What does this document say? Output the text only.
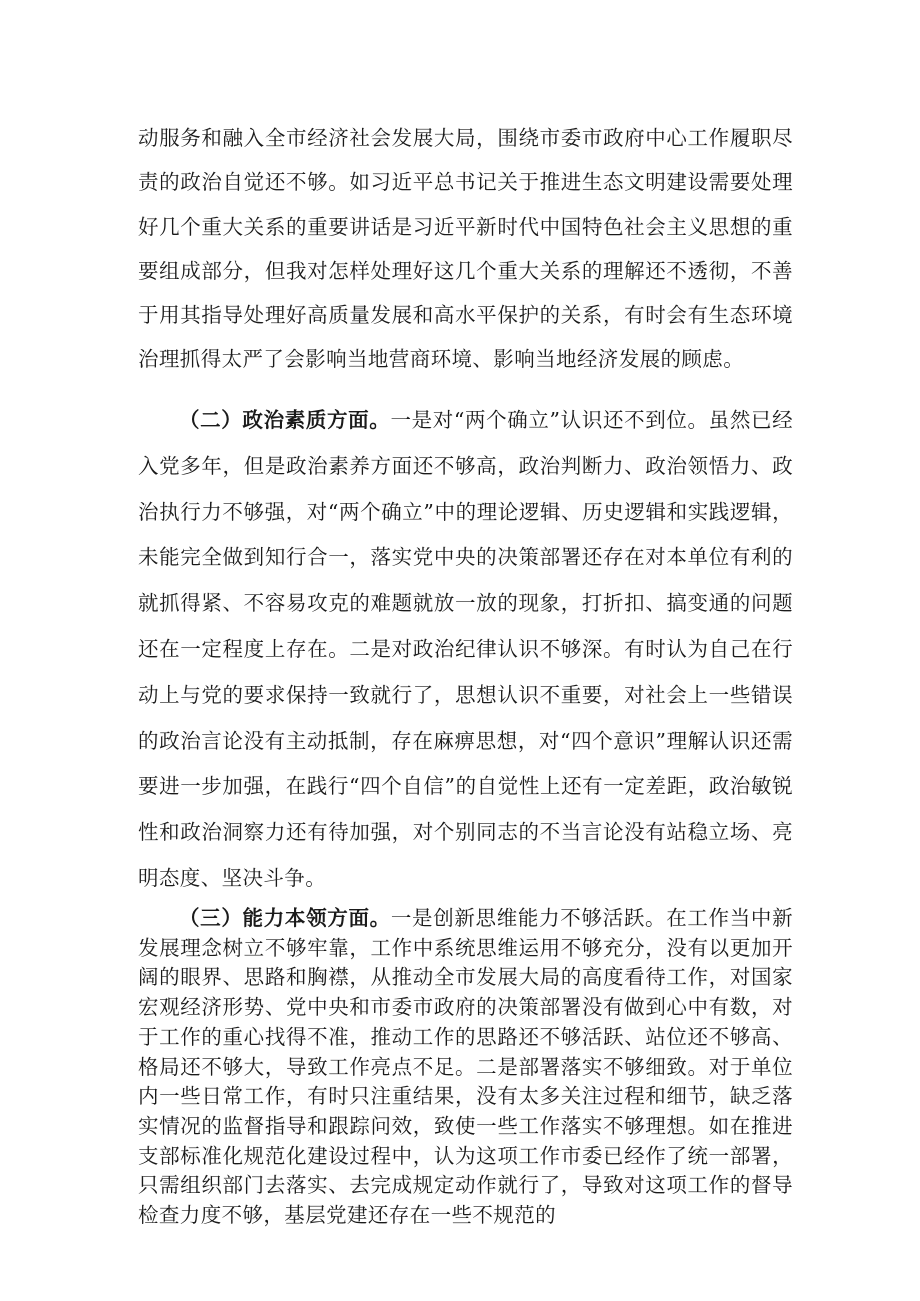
动服务和融入全市经济社会发展大局，围绕市委市政府中心工作履职尽责的政治自觉还不够。如习近平总书记关于推进生态文明建设需要处理好几个重大关系的重要讲话是习近平新时代中国特色社会主义思想的重要组成部分，但我对怎样处理好这几个重大关系的理解还不透彻，不善于用其指导处理好高质量发展和高水平保护的关系，有时会有生态环境治理抓得太严了会影响当地营商环境、影响当地经济发展的顾虑。

（二）政治素质方面。一是对“两个确立”认识还不到位。虽然已经入党多年，但是政治素养方面还不够高，政治判断力、政治领悟力、政治执行力不够强，对“两个确立”中的理论逻辑、历史逻辑和实践逻辑，未能完全做到知行合一，落实党中央的决策部署还存在对本单位有利的就抓得紧、不容易攻克的难题就放一放的现象，打折扣、搞变通的问题还在一定程度上存在。二是对政治纪律认识不够深。有时认为自己在行动上与党的要求保持一致就行了，思想认识不重要，对社会上一些错误的政治言论没有主动抵制，存在麻痹思想，对“四个意识”理解认识还需要进一步加强，在践行“四个自信”的自觉性上还有一定差距，政治敏锐性和政治洞察力还有待加强，对个别同志的不当言论没有站稳立场、亮明态度、坚决斗争。

（三）能力本领方面。一是创新思维能力不够活跃。在工作当中新发展理念树立不够牢靠，工作中系统思维运用不够充分，没有以更加开阔的眼界、思路和胸襟，从推动全市发展大局的高度看待工作，对国家宏观经济形势、党中央和市委市政府的决策部署没有做到心中有数，对于工作的重心找得不准，推动工作的思路还不够活跃、站位还不够高、格局还不够大，导致工作亮点不足。二是部署落实不够细致。对于单位内一些日常工作，有时只注重结果，没有太多关注过程和细节，缺乏落实情况的监督指导和跟踪问效，致使一些工作落实不够理想。如在推进支部标准化规范化建设过程中，认为这项工作市委已经作了统一部署，只需组织部门去落实、去完成规定动作就行了，导致对这项工作的督导检查力度不够，基层党建还存在一些不规范的
